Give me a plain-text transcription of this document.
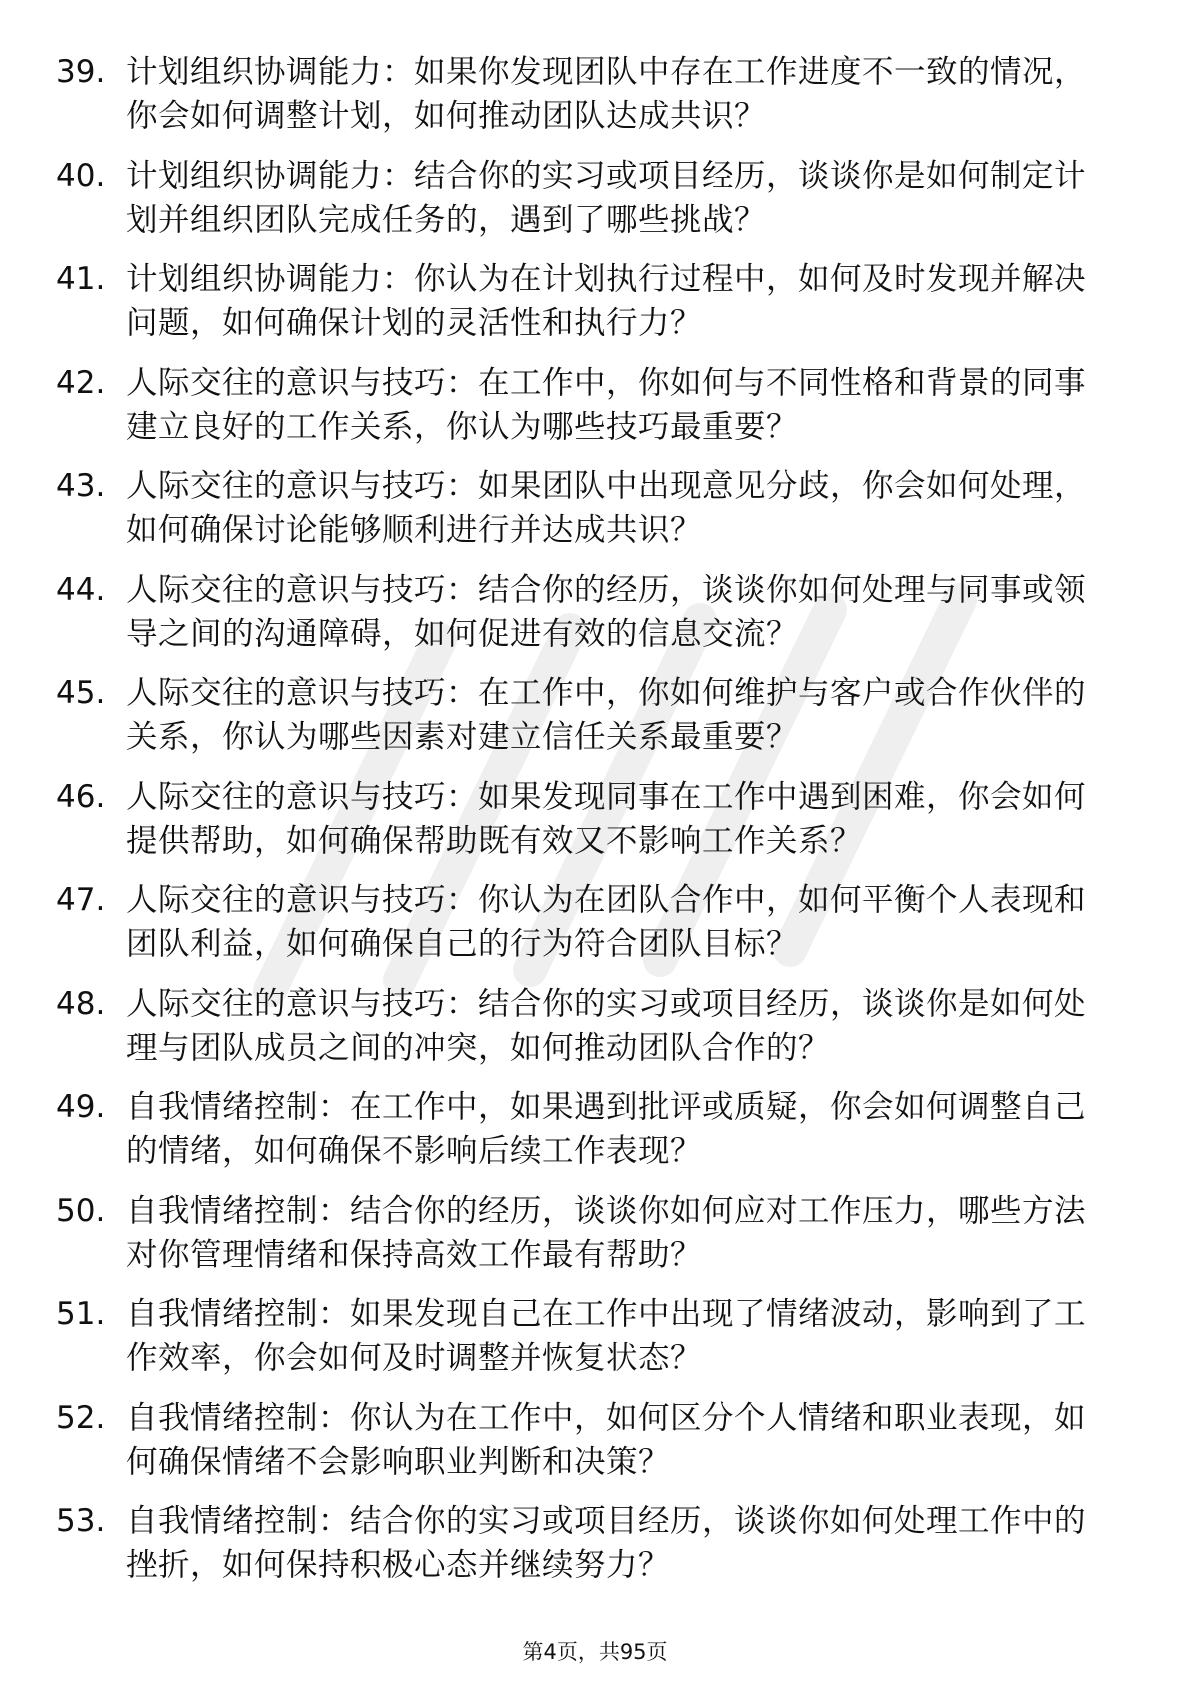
39. 计划组织协调能力：如果你发现团队中存在工作进度不一致的情况，你会如何调整计划，如何推动团队达成共识？
40. 计划组织协调能力：结合你的实习或项目经历，谈谈你是如何制定计划并组织团队完成任务的，遇到了哪些挑战？
41. 计划组织协调能力：你认为在计划执行过程中，如何及时发现并解决问题，如何确保计划的灵活性和执行力？
42. 人际交往的意识与技巧：在工作中，你如何与不同性格和背景的同事建立良好的工作关系，你认为哪些技巧最重要？
43. 人际交往的意识与技巧：如果团队中出现意见分歧，你会如何处理，如何确保讨论能够顺利进行并达成共识？
44. 人际交往的意识与技巧：结合你的经历，谈谈你如何处理与同事或领导之间的沟通障碍，如何促进有效的信息交流？
45. 人际交往的意识与技巧：在工作中，你如何维护与客户或合作伙伴的关系，你认为哪些因素对建立信任关系最重要？
46. 人际交往的意识与技巧：如果发现同事在工作中遇到困难，你会如何提供帮助，如何确保帮助既有效又不影响工作关系？
47. 人际交往的意识与技巧：你认为在团队合作中，如何平衡个人表现和团队利益，如何确保自己的行为符合团队目标？
48. 人际交往的意识与技巧：结合你的实习或项目经历，谈谈你是如何处理与团队成员之间的冲突，如何推动团队合作的？
49. 自我情绪控制：在工作中，如果遇到批评或质疑，你会如何调整自己的情绪，如何确保不影响后续工作表现？
50. 自我情绪控制：结合你的经历，谈谈你如何应对工作压力，哪些方法对你管理情绪和保持高效工作最有帮助？
51. 自我情绪控制：如果发现自己在工作中出现了情绪波动，影响到了工作效率，你会如何及时调整并恢复状态？
52. 自我情绪控制：你认为在工作中，如何区分个人情绪和职业表现，如何确保情绪不会影响职业判断和决策？
53. 自我情绪控制：结合你的实习或项目经历，谈谈你如何处理工作中的挫折，如何保持积极心态并继续努力？
第4页，共95页
